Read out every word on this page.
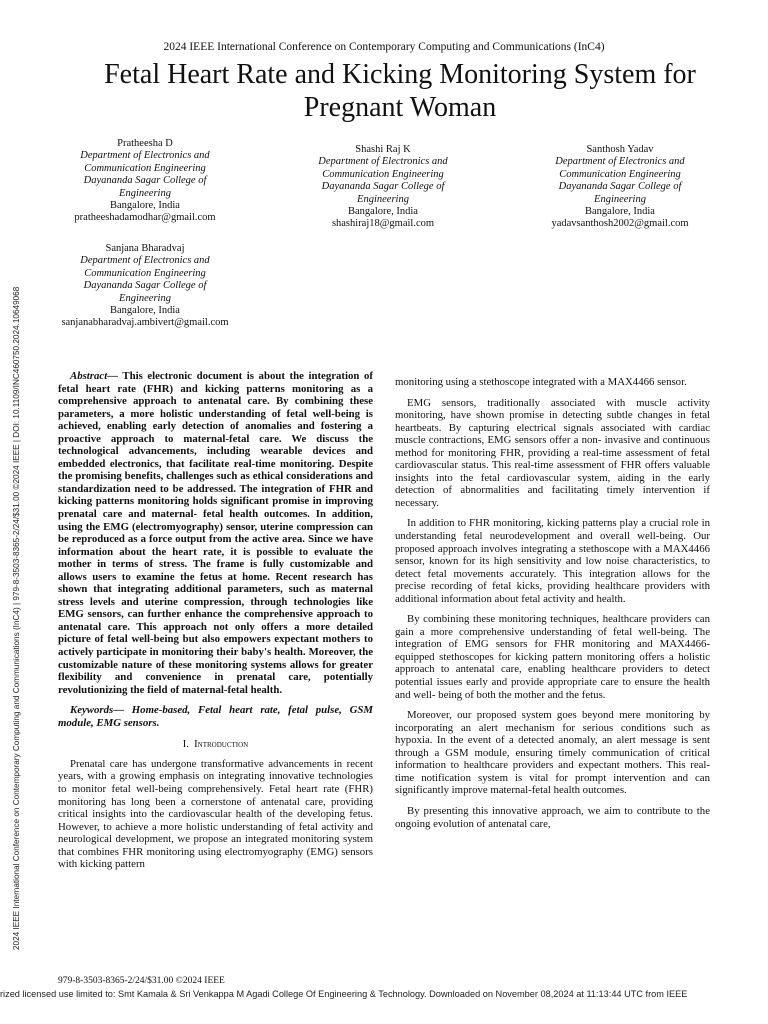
2024 IEEE International Conference on Contemporary Computing and Communications (InC4)
Fetal Heart Rate and Kicking Monitoring System for Pregnant Woman
Pratheesha D
Department of Electronics and
Communication Engineering
Dayananda Sagar College of
Engineering
Bangalore, India
pratheeshadamodhar@gmail.com
Shashi Raj K
Department of Electronics and
Communication Engineering
Dayananda Sagar College of
Engineering
Bangalore, India
shashiraj18@gmail.com
Santhosh Yadav
Department of Electronics and
Communication Engineering
Dayananda Sagar College of
Engineering
Bangalore, India
yadavsanthosh2002@gmail.com
Sanjana Bharadvaj
Department of Electronics and
Communication Engineering
Dayananda Sagar College of
Engineering
Bangalore, India
sanjanabharadvaj.ambivert@gmail.com
2024 IEEE International Conference on Contemporary Computing and Communications (InC4) | 979-8-3503-8365-2/24/$31.00 ©2024 IEEE | DOI: 10.1109/INC460750.2024.10649068	Abstract— This electronic document is about the integration of fetal heart rate (FHR) and kicking patterns monitoring as a comprehensive approach to antenatal care. By combining these parameters, a more holistic understanding of fetal well-being is achieved, enabling early detection of anomalies and fostering a proactive approach to maternal-fetal care. We discuss the technological advancements, including wearable devices and embedded electronics, that facilitate real-time monitoring. Despite the promising benefits, challenges such as ethical considerations and standardization need to be addressed. The integration of FHR and kicking patterns monitoring holds significant promise in improving prenatal care and maternal- fetal health outcomes. In addition, using the EMG (electromyography) sensor, uterine compression can be reproduced as a force output from the active area. Since we have information about the heart rate, it is possible to evaluate the mother in terms of stress. The frame is fully customizable and allows users to examine the fetus at home. Recent research has shown that integrating additional parameters, such as maternal stress levels and uterine compression, through technologies like EMG sensors, can further enhance the comprehensive approach to antenatal care. This approach not only offers a more detailed picture of fetal well-being but also empowers expectant mothers to actively participate in monitoring their baby's health. Moreover, the customizable nature of these monitoring systems allows for greater flexibility and convenience in prenatal care, potentially revolutionizing the field of maternal-fetal health.

Keywords— Home-based, Fetal heart rate, fetal pulse, GSM module, EMG sensors.

I. Introduction

Prenatal care has undergone transformative advancements in recent years, with a growing emphasis on integrating innovative technologies to monitor fetal well-being comprehensively. Fetal heart rate (FHR) monitoring has long been a cornerstone of antenatal care, providing critical insights into the cardiovascular health of the developing fetus. However, to achieve a more holistic understanding of fetal activity and neurological development, we propose an integrated monitoring system that combines FHR monitoring using electromyography (EMG) sensors with kicking pattern

monitoring using a stethoscope integrated with a MAX4466 sensor.

EMG sensors, traditionally associated with muscle activity monitoring, have shown promise in detecting subtle changes in fetal heartbeats. By capturing electrical signals associated with cardiac muscle contractions, EMG sensors offer a non- invasive and continuous method for monitoring FHR, providing a real-time assessment of fetal cardiovascular status. This real-time assessment of FHR offers valuable insights into the fetal cardiovascular system, aiding in the early detection of abnormalities and facilitating timely intervention if necessary.

In addition to FHR monitoring, kicking patterns play a crucial role in understanding fetal neurodevelopment and overall well-being. Our proposed approach involves integrating a stethoscope with a MAX4466 sensor, known for its high sensitivity and low noise characteristics, to detect fetal movements accurately. This integration allows for the precise recording of fetal kicks, providing healthcare providers with additional information about fetal activity and health.

By combining these monitoring techniques, healthcare providers can gain a more comprehensive understanding of fetal well-being. The integration of EMG sensors for FHR monitoring and MAX4466-equipped stethoscopes for kicking pattern monitoring offers a holistic approach to antenatal care, enabling healthcare providers to detect potential issues early and provide appropriate care to ensure the health and well- being of both the mother and the fetus.

Moreover, our proposed system goes beyond mere monitoring by incorporating an alert mechanism for serious conditions such as hypoxia. In the event of a detected anomaly, an alert message is sent through a GSM module, ensuring timely communication of critical information to healthcare providers and expectant mothers. This real-time notification system is vital for prompt intervention and can significantly improve maternal-fetal health outcomes.

By presenting this innovative approach, we aim to contribute to the ongoing evolution of antenatal care,

979-8-3503-8365-2/24/$31.00 ©2024 IEEE
rized licensed use limited to: Smt Kamala & Sri Venkappa M Agadi College Of Engineering & Technology. Downloaded on November 08,2024 at 11:13:44 UTC from IEEE
